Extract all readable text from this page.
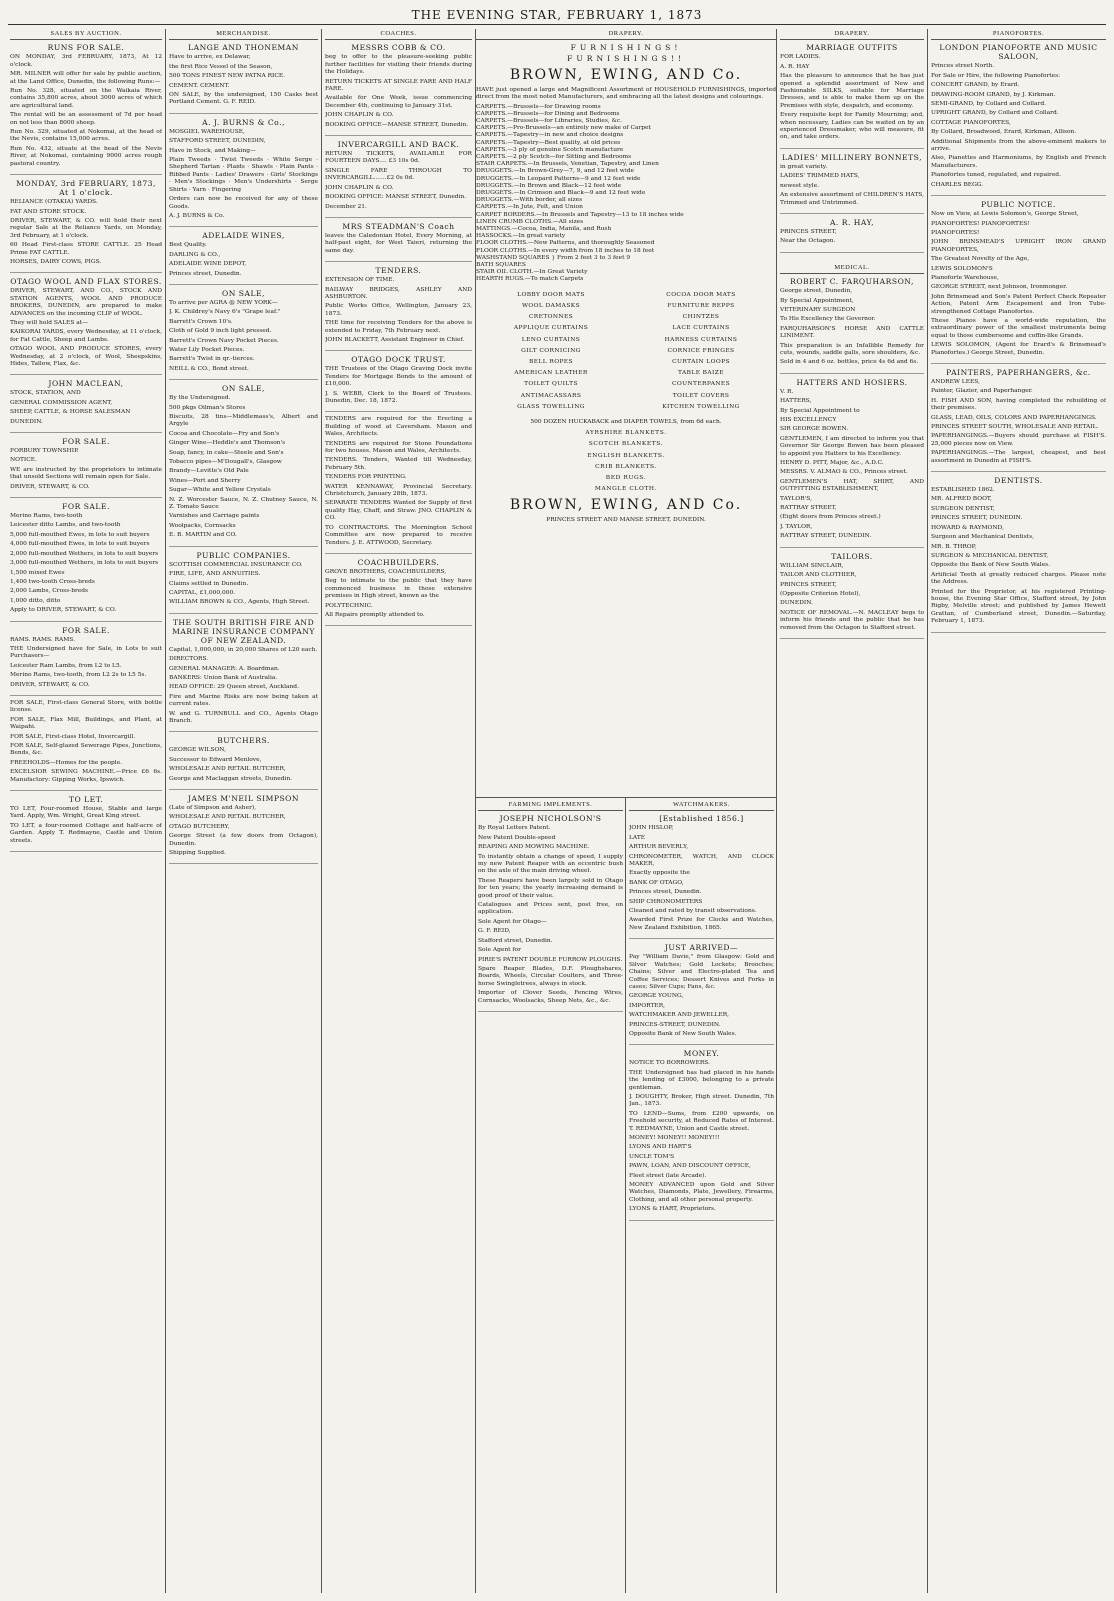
THE EVENING STAR, FEBRUARY 1, 1873
SALES BY AUCTION.
RUNS FOR SALE.
ON MONDAY, 3rd FEBRUARY, 1873, At 12 o'clock.
MR. MILNER will offer for sale by public auction, at the Land Office, Dunedin, the following Runs:—
Run No. 328, situated on the Waikaia River, contains 35,800 acres, about 3000 acres of which are agricultural land.
The rental will be an assessment of 7d per head on not less than 8000 sheep.
Run No. 329, situated at Nokomai, at the head of the Nevis, contains 15,000 acres.
Run No. 432, situate at the head of the Nevis River, at Nokomai, containing 9000 acres rough pastoral country.
MONDAY, 3rd FEBRUARY, 1873, At 1 o'clock.
RELIANCE (OTAKIA) YARDS.
FAT AND STORE STOCK.
DRIVER, STEWART, & CO. will hold their next regular Sale at the Reliance Yards, on Monday, 3rd February, at 1 o'clock.
60 Head First-class STORE CATTLE. 25 Head Prime FAT CATTLE.
HORSES, DAIRY COWS, PIGS.
OTAGO WOOL AND FLAX STORES.
DRIVER, STEWART, AND CO., STOCK AND STATION AGENTS, WOOL AND PRODUCE BROKERS, DUNEDIN, are prepared to make ADVANCES on the incoming CLIP of WOOL.
They will hold SALES at—
KAIKORAI YARDS, every Wednesday, at 11 o'clock, for Fat Cattle, Sheep and Lambs.
OTAGO WOOL AND PRODUCE STORES, every Wednesday, at 2 o'clock, of Wool, Sheepskins, Hides, Tallow, Flax, &c.
JOHN MACLEAN,
STOCK, STATION, AND
GENERAL COMMISSION AGENT,
SHEEP, CATTLE, & HORSE SALESMAN
DUNEDIN.
FOR SALE.
FORBURY TOWNSHIP.
NOTICE.
WE are instructed by the proprietors to intimate that unsold Sections will remain open for Sale.
DRIVER, STEWART, & CO.
FOR SALE.
Merino Rams, two-tooth
Leicester ditto Lambs, and two-tooth
5,000 full-mouthed Ewes, in lots to suit buyers
4,000 full-mouthed Ewes, in lots to suit buyers
2,000 full-mouthed Wethers, in lots to suit buyers
3,000 full-mouthed Wethers, in lots to suit buyers
1,500 mixed Ewes
1,400 two-tooth Cross-breds
2,000 Lambs, Cross-breds
1,000 ditto, ditto
Apply to DRIVER, STEWART, & CO.
FOR SALE.
RAMS. RAMS. RAMS.
THE Undersigned have for Sale, in Lots to suit Purchasers—
Leicester Ram Lambs, from L2 to L5.
Merino Rams, two-tooth, from L2 2s to L5 5s.
DRIVER, STEWART, & CO.
FOR SALE, First-class General Store, with bottle license.
FOR SALE, Flax Mill, Buildings, and Plant, at Waipahi.
FOR SALE, First-class Hotel, Invercargill.
FOR SALE, Self-glazed Sewerage Pipes, Junctions, Bends, &c.
FREEHOLDS—Homes for the people.
EXCELSIOR SEWING MACHINE.—Price £6 6s. Manufactory: Gipping Works, Ipswich.
TO LET.
TO LET, Four-roomed House, Stable and large Yard. Apply, Wm. Wright, Great King street.
TO LET, a four-roomed Cottage and half-acre of Garden. Apply T. Redmayne, Castle and Union streets.
MERCHANDISE.
LANGE AND THONEMAN
Have to arrive, ex Delawar,
the first Rice Vessel of the Season,
500 TONS FINEST NEW PATNA RICE.
CEMENT. CEMENT.
ON SALE, by the undersigned, 150 Casks best Portland Cement. G. F. REID.
A. J. BURNS & Co.,
MOSGIEL WAREHOUSE,
STAFFORD STREET, DUNEDIN,
Have in Stock, and Making—
Plain Tweeds · Twist Tweeds · White Serge · Shepherd Tartan · Plaids · Shawls · Plain Pants · Ribbed Pants · Ladies' Drawers · Girls' Stockings · Men's Stockings · Men's Undershirts · Serge Shirts · Yarn · Fingering
Orders can now be received for any of these Goods.
A. J. BURNS & Co.
ADELAIDE WINES,
Best Quality.
DARLING & CO.,
ADELAIDE WINE DEPOT,
Princes street, Dunedin.
ON SALE,
To arrive per AGRA @ NEW YORK—
J. K. Childrey's Navy 6's "Grape leaf."
Barrett's Crown 10's.
Cloth of Gold 9 inch light pressed.
Barrett's Crown Navy Pocket Pieces.
Water Lily Pocket Pieces.
Barrett's Twist in qr.-tierces.
NEILL & CO., Bond street.
ON SALE,
By the Undersigned.
500 pkgs Oilman's Stores
Biscuits, 28 tins—Middlemass's, Albert and Argyle
Cocoa and Chocolate—Fry and Son's
Ginger Wine—Heddle's and Thomson's
Soap, fancy, in cake—Steele and Son's
Tobacco pipes—M'Dougall's, Glasgow
Brandy—Levitte's Old Pale
Wines—Port and Sherry
Sugar—White and Yellow Crystals
N. Z. Worcester Sauce, N. Z. Chutney Sauce, N. Z. Tomato Sauce
Varnishes and Carriage paints
Woolpacks, Cornsacks
E. B. MARTIN and CO.
PUBLIC COMPANIES.
SCOTTISH COMMERCIAL INSURANCE CO.
FIRE, LIFE, AND ANNUITIES.
Claims settled in Dunedin.
CAPITAL, £1,000,000.
WILLIAM BROWN & CO., Agents, High Street.
THE SOUTH BRITISH FIRE AND MARINE INSURANCE COMPANY OF NEW ZEALAND.
Capital, 1,000,000, in 20,000 Shares of L20 each.
DIRECTORS.
GENERAL MANAGER: A. Boardman.
BANKERS: Union Bank of Australia.
HEAD OFFICE: 29 Queen street, Auckland.
Fire and Marine Risks are now being taken at current rates.
W. and G. TURNBULL and CO., Agents Otago Branch.
BUTCHERS.
GEORGE WILSON,
Successor to Edward Menlove,
WHOLESALE AND RETAIL BUTCHER,
George and Maclaggan streets, Dunedin.
JAMES M'NEIL SIMPSON
(Late of Simpson and Asher),
WHOLESALE AND RETAIL BUTCHER,
OTAGO BUTCHERY,
George Street (a few doors from Octagon), Dunedin.
Shipping Supplied.
COACHES.
MESSRS COBB & CO.
beg to offer to the pleasure-seeking public further facilities for visiting their friends during the Holidays.
RETURN TICKETS AT SINGLE FARE AND HALF FARE.
Available for One Week, issue commencing December 4th, continuing to January 31st.
JOHN CHAPLIN & CO.
BOOKING OFFICE—MANSE STREET, Dunedin.
INVERCARGILL AND BACK.
RETURN TICKETS, AVAILABLE FOR FOURTEEN DAYS.... £3 10s 0d.
SINGLE FARE THROUGH TO INVERCARGILL.......£2 0s 0d.
JOHN CHAPLIN & CO.
BOOKING OFFICE: MANSE STREET, Dunedin.
December 21.
MRS STEADMAN'S Coach
leaves the Caledonian Hotel, Every Morning, at half-past eight, for West Taieri, returning the same day.
TENDERS.
EXTENSION OF TIME.
RAILWAY BRIDGES, ASHLEY AND ASHBURTON.
Public Works Office, Wellington, January 23, 1873.
THE time for receiving Tenders for the above is extended to Friday, 7th February next.
JOHN BLACKETT, Assistant Engineer in Chief.
OTAGO DOCK TRUST.
THE Trustees of the Otago Graving Dock invite Tenders for Mortgage Bonds to the amount of £10,000.
J. S. WEBB, Clerk to the Board of Trustees. Dunedin, Dec. 18, 1872.
TENDERS are required for the Erecting a Building of wood at Caversham. Mason and Wales, Architects.
TENDERS are required for Stone Foundations for two houses. Mason and Wales, Architects.
TENDERS. Tenders, Wanted till Wednesday, February 5th.
TENDERS FOR PRINTING.
WATER KENNAWAY, Provincial Secretary. Christchurch, January 28th, 1873.
SEPARATE TENDERS Wanted for Supply of first quality Hay, Chaff, and Straw. JNO. CHAPLIN & CO.
TO CONTRACTORS. The Mornington School Committee are now prepared to receive Tenders. J. E. ATTWOOD, Secretary.
COACHBUILDERS.
GROVE BROTHERS, COACHBUILDERS,
Beg to intimate to the public that they have commenced business in those extensive premises in High street, known as the
POLYTECHNIC.
All Repairs promptly attended to.
DRAPERY.
FURNISHINGS!
FURNISHINGS!!
BROWN, EWING, AND Co.
HAVE just opened a large and Magnificent Assortment of HOUSEHOLD FURNISHINGS, imported direct from the most noted Manufacturers, and embracing all the latest designs and colourings.
CARPETS.—Brussels—for Drawing rooms
CARPETS.—Brussels—for Dining and Bedrooms
CARPETS.—Brussels—for Libraries, Studies, &c.
CARPETS.—Pro-Brussels—an entirely new make of Carpet
CARPETS.—Tapestry—in new and choice designs
CARPETS.—Tapestry—Best quality, at old prices
CARPETS.—3 ply of genuine Scotch manufacture
CARPETS.—2 ply Scotch—for Sitting and Bedrooms
STAIR CARPETS.—In Brussels, Venetian, Tapestry, and Linen
DRUGGETS.—In Brown-Grey—7, 9, and 12 feet wide
DRUGGETS.—In Leopard Patterns—9 and 12 feet wide
DRUGGETS.—In Brown and Black—12 feet wide
DRUGGETS.—In Crimson and Black—9 and 12 feet wide
DRUGGETS.—With border, all sizes
CARPETS.—In Jute, Felt, and Union
CARPET BORDERS.—In Brussels and Tapestry—13 to 18 inches wide
LINEN CRUMB CLOTHS.—All sizes
MATTINGS.—Cocoa, India, Manila, and Rush
HASSOCKS.—In great variety
FLOOR CLOTHS.—New Patterns, and thoroughly Seasoned
FLOOR CLOTHS.—In every width from 18 inches to 18 feet
WASHSTAND SQUARES } From 2 feet 3 to 3 feet 9
BATH SQUARES
STAIR OIL CLOTH.—In Great Variety
HEARTH RUGS.—To match Carpets
LOBBY DOOR MATS	COCOA DOOR MATS
WOOL DAMASKS	FURNITURE REPPS
CRETONNES	CHINTZES
APPLIQUE CURTAINS	LACE CURTAINS
LENO CURTAINS	HARNESS CURTAINS
GILT CORNICING	CORNICE FRINGES
BELL ROPES	CURTAIN LOOPS
AMERICAN LEATHER	TABLE BAIZE
TOILET QUILTS	COUNTERPANES
ANTIMACASSARS	TOILET COVERS
GLASS TOWELLING	KITCHEN TOWELLING
500 DOZEN HUCKABACK and DIAPER TOWELS, from 6d each.
AYRSHIRE BLANKETS.
SCOTCH BLANKETS.
ENGLISH BLANKETS.
CRIB BLANKETS.
BED RUGS.
MANGLE CLOTH.
BROWN, EWING, AND Co.
PRINCES STREET AND MANSE STREET, DUNEDIN.
FARMING IMPLEMENTS.
JOSEPH NICHOLSON'S
By Royal Letters Patent.
New Patent Double-speed
REAPING AND MOWING MACHINE.
To instantly obtain a change of speed, I supply my new Patent Reaper with an eccentric bush on the axle of the main driving wheel.
These Reapers have been largely sold in Otago for ten years; the yearly increasing demand is good proof of their value.
Catalogues and Prices sent, post free, on application.
Sole Agent for Otago—
G. F. REID,
Stafford street, Dunedin.
Sole Agent for
PIRIE'S PATENT DOUBLE FURROW PLOUGHS.
Spare Reaper Blades, D.F. Ploughshares, Boards, Wheels, Circular Coulters, and Three-horse Swingletrees, always in stock.
Importer of Clover Seeds, Fencing Wires, Cornsacks, Woolsacks, Sheep Nets, &c., &c.
WATCHMAKERS.
[Established 1856.]
JOHN HISLOP,
LATE
ARTHUR BEVERLY,
CHRONOMETER, WATCH, AND CLOCK MAKER,
Exactly opposite the
BANK OF OTAGO,
Princes street, Dunedin.
SHIP CHRONOMETERS
Cleaned and rated by transit observations.
Awarded First Prize for Clocks and Watches, New Zealand Exhibition, 1865.
JUST ARRIVED—
Pay "William Davie," from Glasgow: Gold and Silver Watches; Gold Lockets; Brooches; Chains; Silver and Electro-plated Tea and Coffee Services; Dessert Knives and Forks in cases; Silver Cups; Fans, &c.
GEORGE YOUNG,
IMPORTER,
WATCHMAKER AND JEWELLER,
PRINCES-STREET, DUNEDIN.
Opposite Bank of New South Wales.
MONEY.
NOTICE TO BORROWERS.
THE Undersigned has had placed in his hands the lending of £3000, belonging to a private gentleman.
J. DOUGHTY, Broker, High street. Dunedin, 7th Jan., 1873.
TO LEND—Sums, from £200 upwards, on Freehold security, at Reduced Rates of Interest. T. REDMAYNE, Union and Castle street.
MONEY! MONEY!! MONEY!!!
LYONS AND HART'S
UNCLE TOM'S
PAWN, LOAN, AND DISCOUNT OFFICE,
Fleet street (late Arcade).
MONEY ADVANCED upon Gold and Silver Watches, Diamonds, Plate, Jewellery, Firearms, Clothing, and all other personal property.
LYONS & HART, Proprietors.
DRAPERY.
MARRIAGE OUTFITS
FOR LADIES.
A. R. HAY
Has the pleasure to announce that he has just opened a splendid assortment of New and Fashionable SILKS, suitable for Marriage Dresses, and is able to make them up on the Premises with style, despatch, and economy.
Every requisite kept for Family Mourning; and, when necessary, Ladies can be waited on by an experienced Dressmaker, who will measure, fit on, and take orders.
LADIES' MILLINERY BONNETS,
in great variety.
LADIES' TRIMMED HATS,
newest style.
An extensive assortment of CHILDREN'S HATS, Trimmed and Untrimmed.
A. R. HAY,
PRINCES STREET,
Near the Octagon.
MEDICAL.
ROBERT C. FARQUHARSON,
George street, Dunedin,
By Special Appointment,
VETERINARY SURGEON
To His Excellency the Governor.
FARQUHARSON'S HORSE AND CATTLE LINIMENT.
This preparation is an Infallible Remedy for cuts, wounds, saddle galls, sore shoulders, &c.
Sold in 4 and 6 oz. bottles, price 4s 6d and 6s.
HATTERS AND HOSIERS.
V. R.
HATTERS,
By Special Appointment to
HIS EXCELLENCY
SIR GEORGE BOWEN.
GENTLEMEN, I am directed to inform you that Governor Sir George Bowen has been pleased to appoint you Hatters to his Excellency.
HENRY D. PITT, Major, &c., A.D.C.
MESSRS. V. ALMAO & CO., Princes street.
GENTLEMEN'S HAT, SHIRT, AND OUTFITTING ESTABLISHMENT,
TAYLOR'S,
RATTRAY STREET,
(Eight doors from Princes street.)
J. TAYLOR,
RATTRAY STREET, DUNEDIN.
TAILORS.
WILLIAM SINCLAIR,
TAILOR AND CLOTHIER,
PRINCES STREET,
(Opposite Criterion Hotel),
DUNEDIN.
NOTICE OF REMOVAL.—N. MACLEAY begs to inform his friends and the public that he has removed from the Octagon to Stafford street.
PIANOFORTES.
LONDON PIANOFORTE AND MUSIC SALOON,
Princes street North.
For Sale or Hire, the following Pianofortes:
CONCERT GRAND, by Erard.
DRAWING-ROOM GRAND, by J. Kirkman.
SEMI-GRAND, by Collard and Collard.
UPRIGHT GRAND, by Collard and Collard.
COTTAGE PIANOFORTES,
By Collard, Broadwood, Erard, Kirkman, Allison.
Additional Shipments from the above-eminent makers to arrive.
Also, Pianettes and Harmoniums, by English and French Manufacturers.
Pianofortes tuned, regulated, and repaired.
CHARLES BEGG.
PUBLIC NOTICE.
Now on View, at Lewis Solomon's, George Street,
PIANOFORTES! PIANOFORTES!
PIANOFORTES!
JOHN BRINSMEAD'S UPRIGHT IRON GRAND PIANOFORTES,
The Greatest Novelty of the Age,
LEWIS SOLOMON'S
Pianoforte Warehouse,
GEORGE STREET, next Johnson, Ironmonger.
John Brinsmead and Son's Patent Perfect Check Repeater Action, Patent Arm Escapement and Iron Tube-strengthened Cottage Pianofortes.
These Pianos have a world-wide reputation, the extraordinary power of the smallest instruments being equal to those cumbersome and coffin-like Grands.
LEWIS SOLOMON, (Agent for Erard's & Brinsmead's Pianofortes.) George Street, Dunedin.
PAINTERS, PAPERHANGERS, &c.
ANDREW LEES,
Painter, Glazier, and Paperhanger.
H. FISH AND SON, having completed the rebuilding of their premises.
GLASS, LEAD, OILS, COLORS AND PAPERHANGINGS.
PRINCES STREET SOUTH, WHOLESALE AND RETAIL.
PAPERHANGINGS.—Buyers should purchase at FISH'S. 25,000 pieces now on View.
PAPERHANGINGS.—The largest, cheapest, and best assortment in Dunedin at FISH'S.
DENTISTS.
ESTABLISHED 1862.
MR. ALFRED BOOT,
SURGEON DENTIST,
PRINCES STREET, DUNEDIN.
HOWARD & RAYMOND,
Surgeon and Mechanical Dentists,
MR. B. THROP,
SURGEON & MECHANICAL DENTIST,
Opposite the Bank of New South Wales.
Artificial Teeth at greatly reduced charges. Please note the Address.
Printed for the Proprietor, at his registered Printing-house, the Evening Star Office, Stafford street, by John Rigby, Melville street; and published by James Hewett Grattan, of Cumberland street, Dunedin.—Saturday, February 1, 1873.
